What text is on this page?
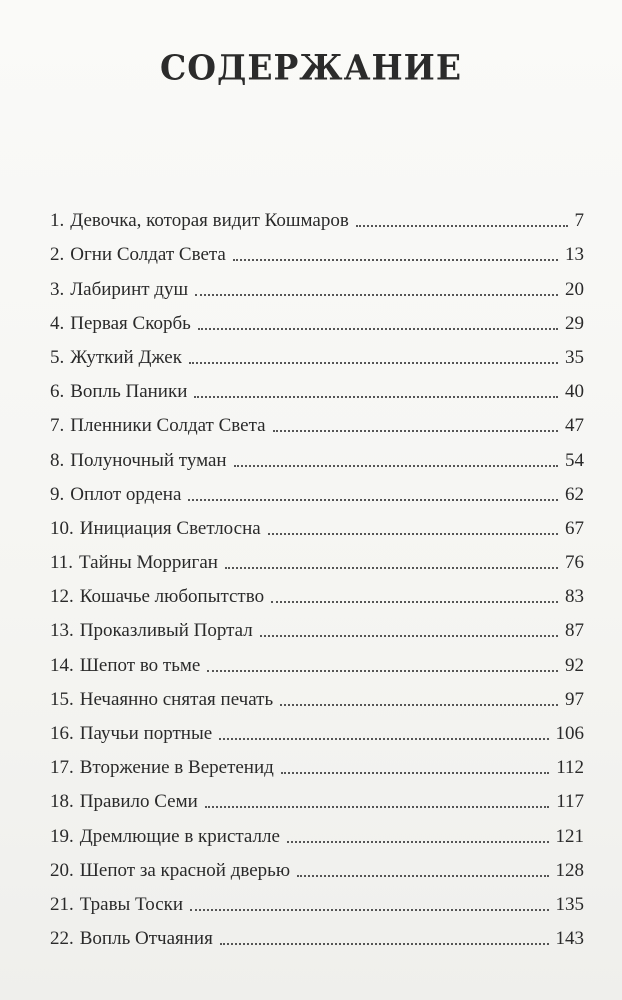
СОДЕРЖАНИЕ
1. Девочка, которая видит Кошмаров	7
2. Огни Солдат Света	13
3. Лабиринт душ	20
4. Первая Скорбь	29
5. Жуткий Джек	35
6. Вопль Паники	40
7. Пленники Солдат Света	47
8. Полуночный туман	54
9. Оплот ордена	62
10. Инициация Светлосна	67
11. Тайны Морриган	76
12. Кошачье любопытство	83
13. Проказливый Портал	87
14. Шепот во тьме	92
15. Нечаянно снятая печать	97
16. Паучьи портные	106
17. Вторжение в Веретенид	112
18. Правило Семи	117
19. Дремлющие в кристалле	121
20. Шепот за красной дверью	128
21. Травы Тоски	135
22. Вопль Отчаяния	143
